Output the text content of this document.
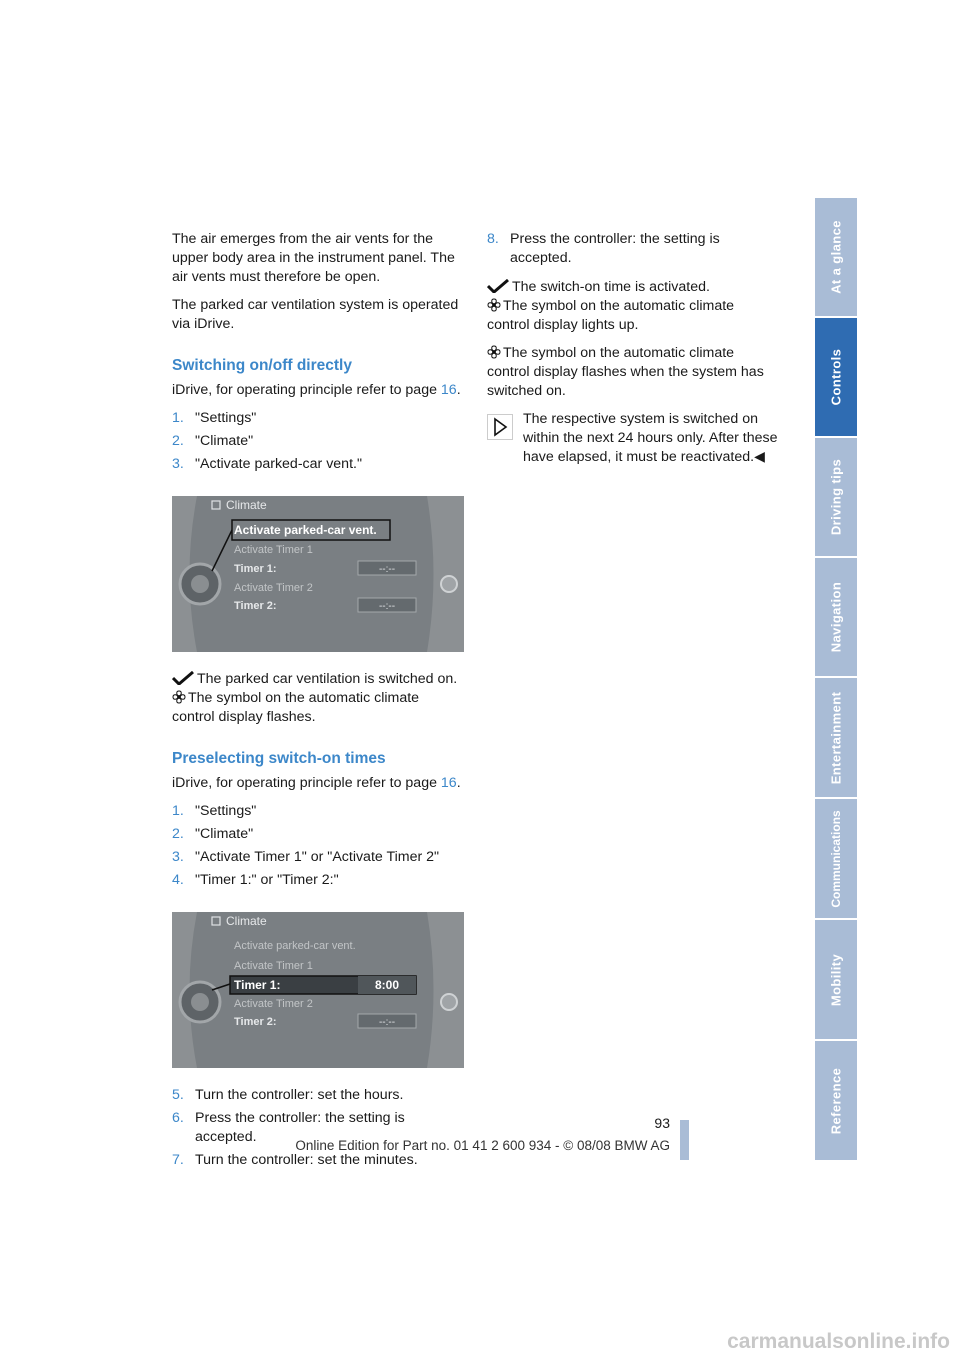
The air emerges from the air vents for the upper body area in the instrument panel. The air vents must therefore be open.

The parked car ventilation system is operated via iDrive.

Switching on/off directly

iDrive, for operating principle refer to page 16.

1. "Settings"
2. "Climate"
3. "Activate parked-car vent."
Climate
Activate parked-car vent.
Activate Timer 1
Timer 1:
Activate Timer 2
Timer 2:
--:--
--:--

The parked car ventilation is switched on.
The symbol on the automatic climate control display flashes.

Preselecting switch-on times

iDrive, for operating principle refer to page 16.

1. "Settings"
2. "Climate"
3. "Activate Timer 1" or "Activate Timer 2"
4. "Timer 1:" or "Timer 2:"
Climate
Activate parked-car vent.
Activate Timer 1
Timer 1:	8:00
Activate Timer 2
Timer 2:	--:--
5. Turn the controller: set the hours.
6. Press the controller: the setting is accepted.
7. Turn the controller: set the minutes.
8. Press the controller: the setting is accepted.

The switch-on time is activated.
The symbol on the automatic climate control display lights up.

The symbol on the automatic climate control display flashes when the system has switched on.

The respective system is switched on within the next 24 hours only. After these have elapsed, it must be reactivated.◀
At a glance
Controls
Driving tips
Navigation
Entertainment
Communications
Mobility
Reference
93
Online Edition for Part no. 01 41 2 600 934 - © 08/08 BMW AG
carmanualsonline.info
